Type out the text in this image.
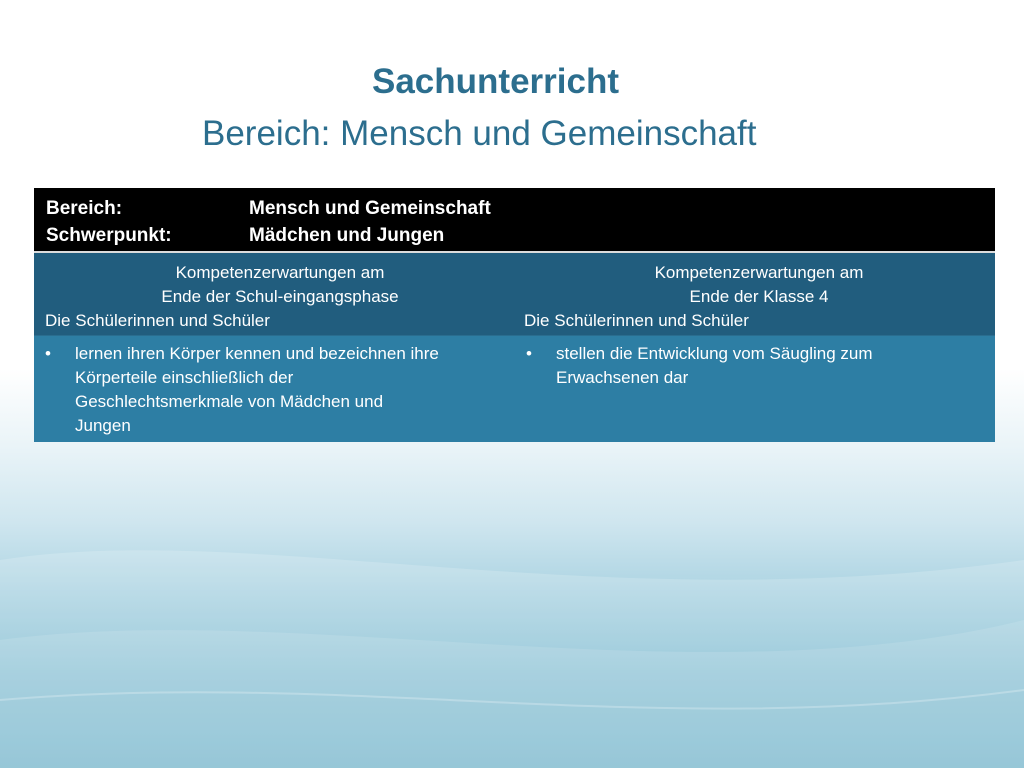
Sachunterricht
Bereich: Mensch und Gemeinschaft
Bereich:	Mensch und Gemeinschaft
Schwerpunkt:	Mädchen und Jungen
Kompetenzerwartungen am
Ende der Schul-eingangsphase
Die Schülerinnen und Schüler
Kompetenzerwartungen am
Ende der Klasse 4
Die Schülerinnen und Schüler
• lernen ihren Körper kennen und bezeichnen ihre
Körperteile einschließlich der
Geschlechtsmerkmale von Mädchen und
Jungen
• stellen die Entwicklung vom Säugling zum
Erwachsenen dar
